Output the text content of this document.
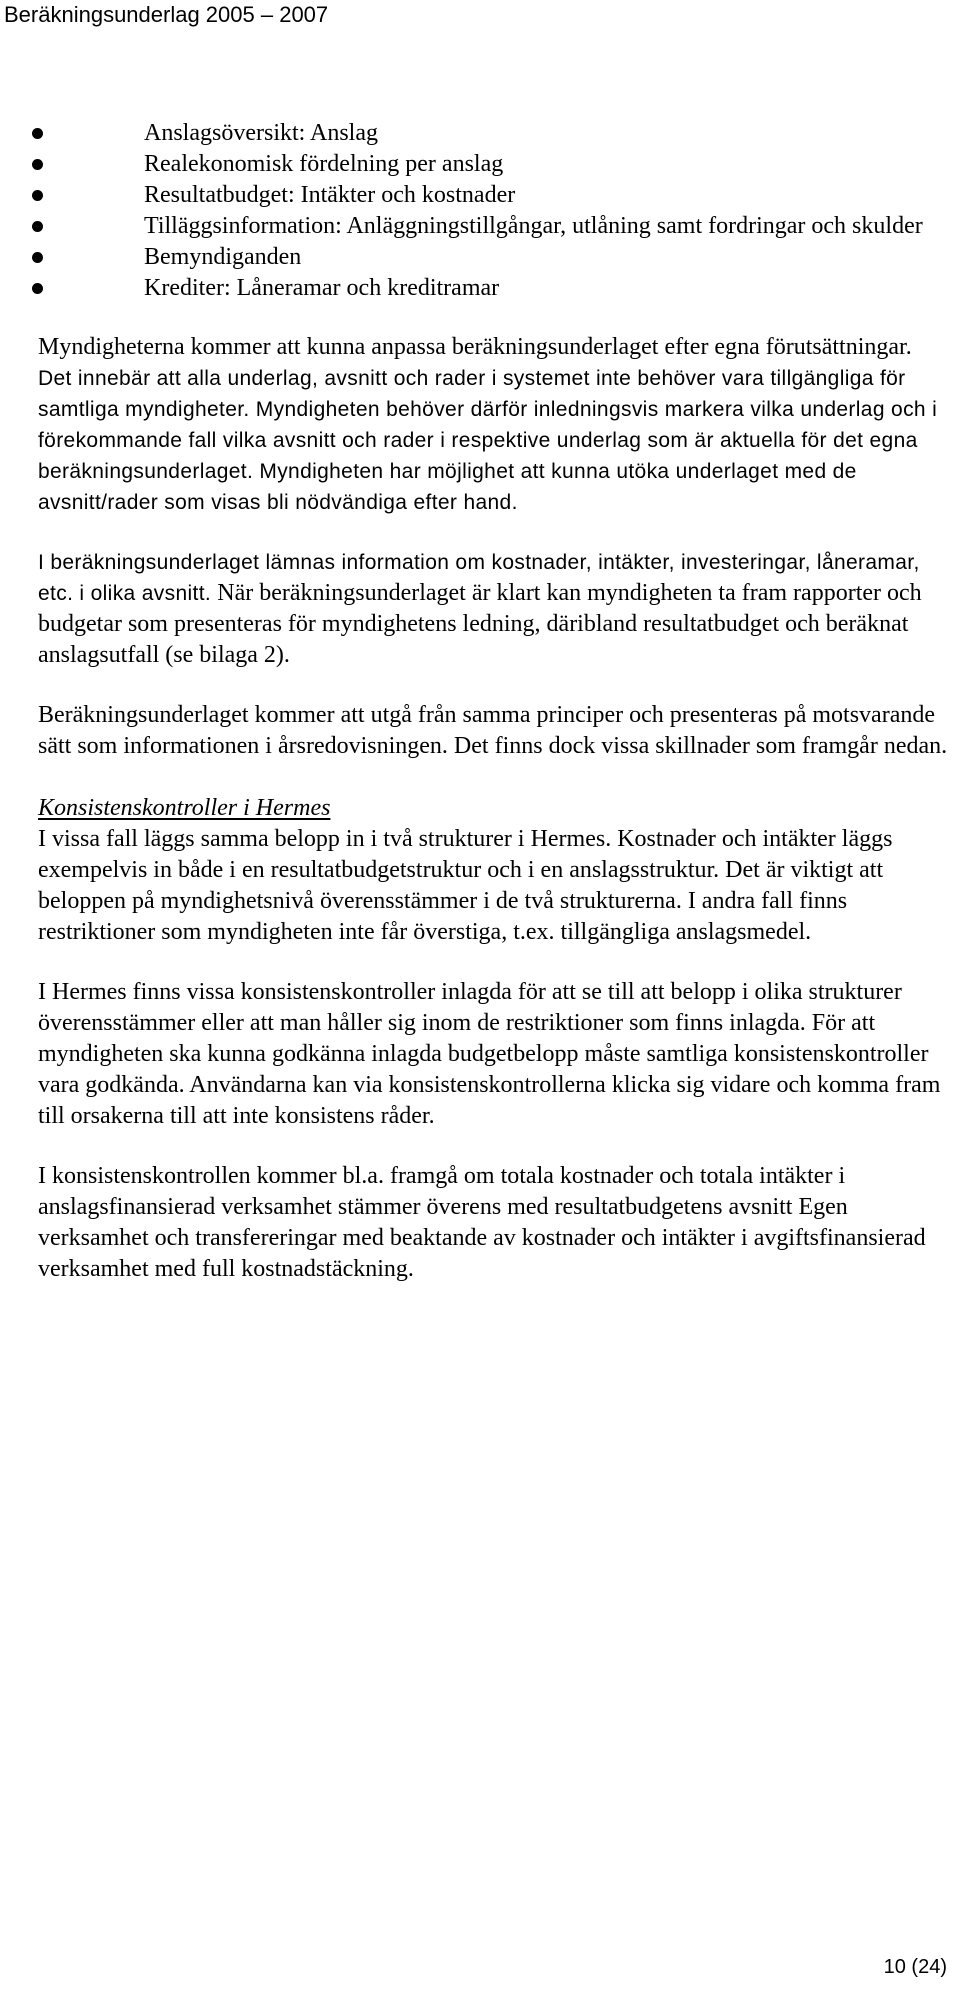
Beräkningsunderlag 2005 – 2007
Anslagsöversikt: Anslag
Realekonomisk fördelning per anslag
Resultatbudget: Intäkter och kostnader
Tilläggsinformation: Anläggningstillgångar, utlåning samt fordringar och skulder
Bemyndiganden
Krediter: Låneramar och kreditramar

Myndigheterna kommer att kunna anpassa beräkningsunderlaget efter egna förutsättningar. Det innebär att alla underlag, avsnitt och rader i systemet inte behöver vara tillgängliga för samtliga myndigheter. Myndigheten behöver därför inledningsvis markera vilka underlag och i förekommande fall vilka avsnitt och rader i respektive underlag som är aktuella för det egna beräkningsunderlaget. Myndigheten har möjlighet att kunna utöka underlaget med de avsnitt/rader som visas bli nödvändiga efter hand.

I beräkningsunderlaget lämnas information om kostnader, intäkter, investeringar, låneramar, etc. i olika avsnitt. När beräkningsunderlaget är klart kan myndigheten ta fram rapporter och budgetar som presenteras för myndighetens ledning, däribland resultatbudget och beräknat anslagsutfall (se bilaga 2).

Beräkningsunderlaget kommer att utgå från samma principer och presenteras på motsvarande sätt som informationen i årsredovisningen. Det finns dock vissa skillnader som framgår nedan.

Konsistenskontroller i Hermes

I vissa fall läggs samma belopp in i två strukturer i Hermes. Kostnader och intäkter läggs exempelvis in både i en resultatbudgetstruktur och i en anslagsstruktur. Det är viktigt att beloppen på myndighetsnivå överensstämmer i de två strukturerna. I andra fall finns restriktioner som myndigheten inte får överstiga, t.ex. tillgängliga anslagsmedel.

I Hermes finns vissa konsistenskontroller inlagda för att se till att belopp i olika strukturer överensstämmer eller att man håller sig inom de restriktioner som finns inlagda. För att myndigheten ska kunna godkänna inlagda budgetbelopp måste samtliga konsistenskontroller vara godkända. Användarna kan via konsistenskontrollerna klicka sig vidare och komma fram till orsakerna till att inte konsistens råder.

I konsistenskontrollen kommer bl.a. framgå om totala kostnader och totala intäkter i anslagsfinansierad verksamhet stämmer överens med resultatbudgetens avsnitt Egen verksamhet och transfereringar med beaktande av kostnader och intäkter i avgiftsfinansierad verksamhet med full kostnadstäckning.

10 (24)
